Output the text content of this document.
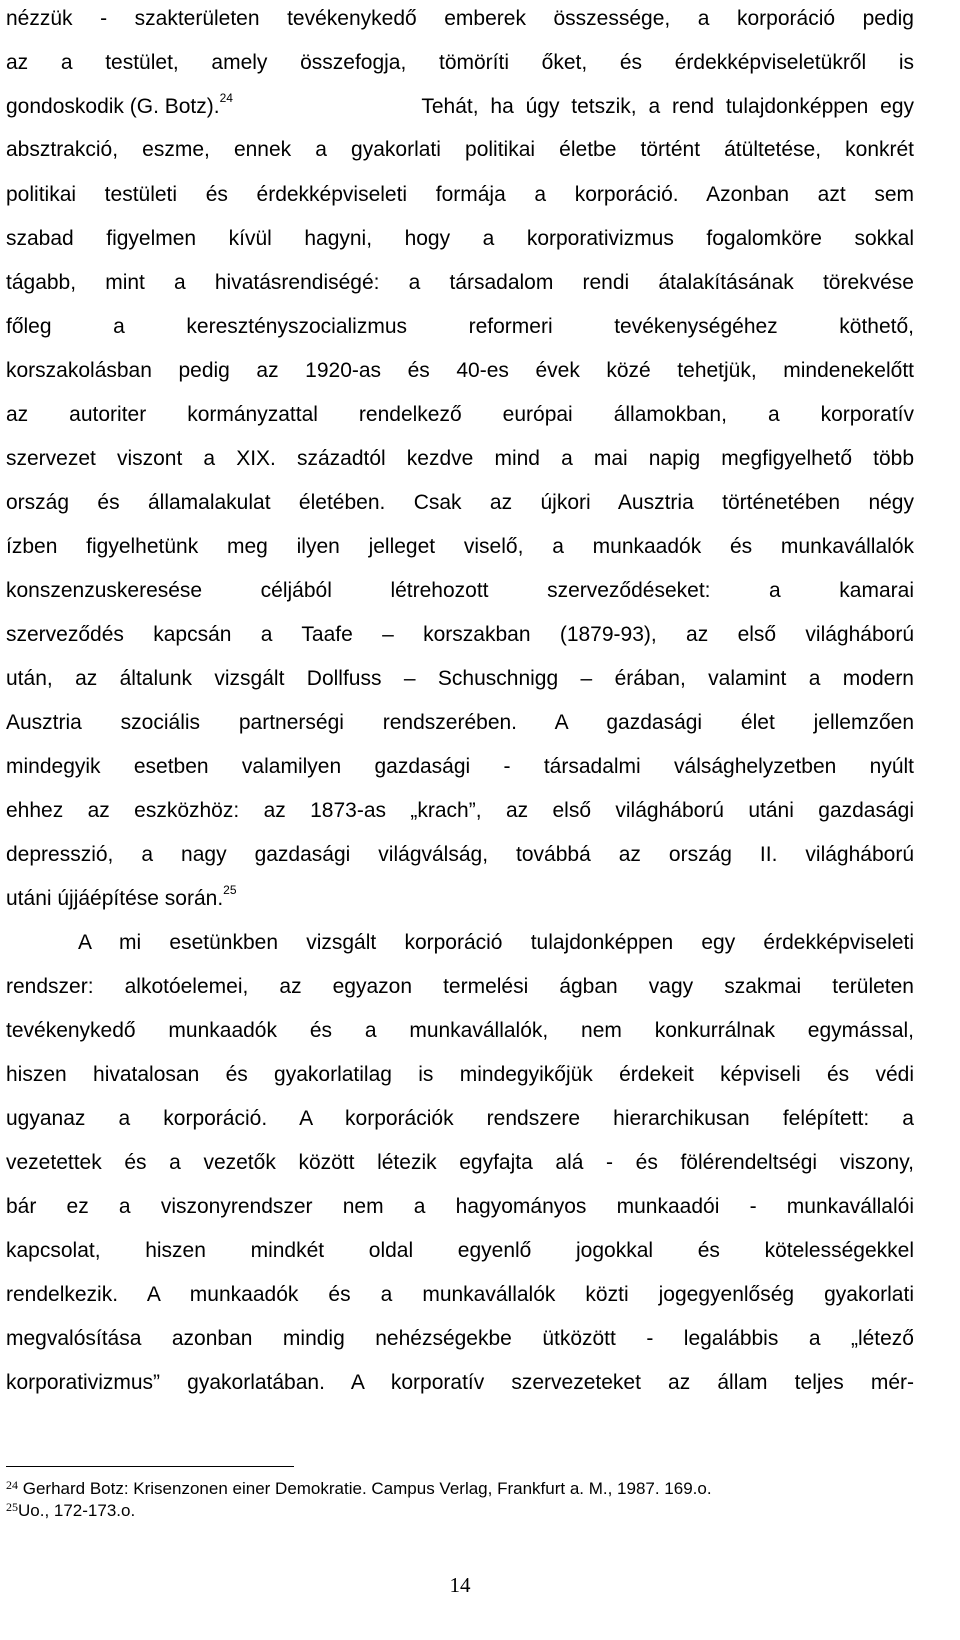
nézzük - szakterületen tevékenykedő emberek összessége, a korporáció pedig
az a testület, amely összefogja, tömöríti őket, és érdekképviseletükről is
gondoskodik (G. Botz).$^{24}$	Tehát, ha úgy tetszik, a rend tulajdonképpen egy
absztrakció, eszme, ennek a gyakorlati politikai életbe történt átültetése, konkrét
politikai testületi és érdekképviseleti formája a korporáció. Azonban azt sem
szabad figyelmen kívül hagyni, hogy a korporativizmus fogalomköre sokkal
tágabb, mint a hivatásrendiségé: a társadalom rendi átalakításának törekvése
főleg a keresztényszocializmus reformeri tevékenységéhez köthető,
korszakolásban pedig az 1920-as és 40-es évek közé tehetjük, mindenekelőtt
az autoriter kormányzattal rendelkező európai államokban, a korporatív
szervezet viszont a XIX. századtól kezdve mind a mai napig megfigyelhető több
ország és államalakulat életében. Csak az újkori Ausztria történetében négy
ízben figyelhetünk meg ilyen jelleget viselő, a munkaadók és munkavállalók
konszenzuskeresése céljából létrehozott szerveződéseket: a kamarai
szerveződés kapcsán a Taafe – korszakban (1879-93), az első világháború
után, az általunk vizsgált Dollfuss – Schuschnigg – érában, valamint a modern
Ausztria szociális partnerségi rendszerében. A gazdasági élet jellemzően
mindegyik esetben valamilyen gazdasági - társadalmi válsághelyzetben nyúlt
ehhez az eszközhöz: az 1873-as „krach”, az első világháború utáni gazdasági
depresszió, a nagy gazdasági világválság, továbbá az ország II. világháború
utáni újjáépítése során.$^{25}$
A mi esetünkben vizsgált korporáció tulajdonképpen egy érdekképviseleti
rendszer: alkotóelemei, az egyazon termelési ágban vagy szakmai területen
tevékenykedő munkaadók és a munkavállalók, nem konkurrálnak egymással,
hiszen hivatalosan és gyakorlatilag is mindegyikőjük érdekeit képviseli és védi
ugyanaz a korporáció. A korporációk rendszere hierarchikusan felépített: a
vezetettek és a vezetők között létezik egyfajta alá - és fölérendeltségi viszony,
bár ez a viszonyrendszer nem a hagyományos munkaadói - munkavállalói
kapcsolat, hiszen mindkét oldal egyenlő jogokkal és kötelességekkel
rendelkezik. A munkaadók és a munkavállalók közti jogegyenlőség gyakorlati
megvalósítása azonban mindig nehézségekbe ütközött - legalábbis a „létező
korporativizmus” gyakorlatában. A korporatív szervezeteket az állam teljes mér-
$^{24}$ Gerhard Botz: Krisenzonen einer Demokratie. Campus Verlag, Frankfurt a. M., 1987. 169.o.
$^{25}$Uo., 172-173.o.
14
